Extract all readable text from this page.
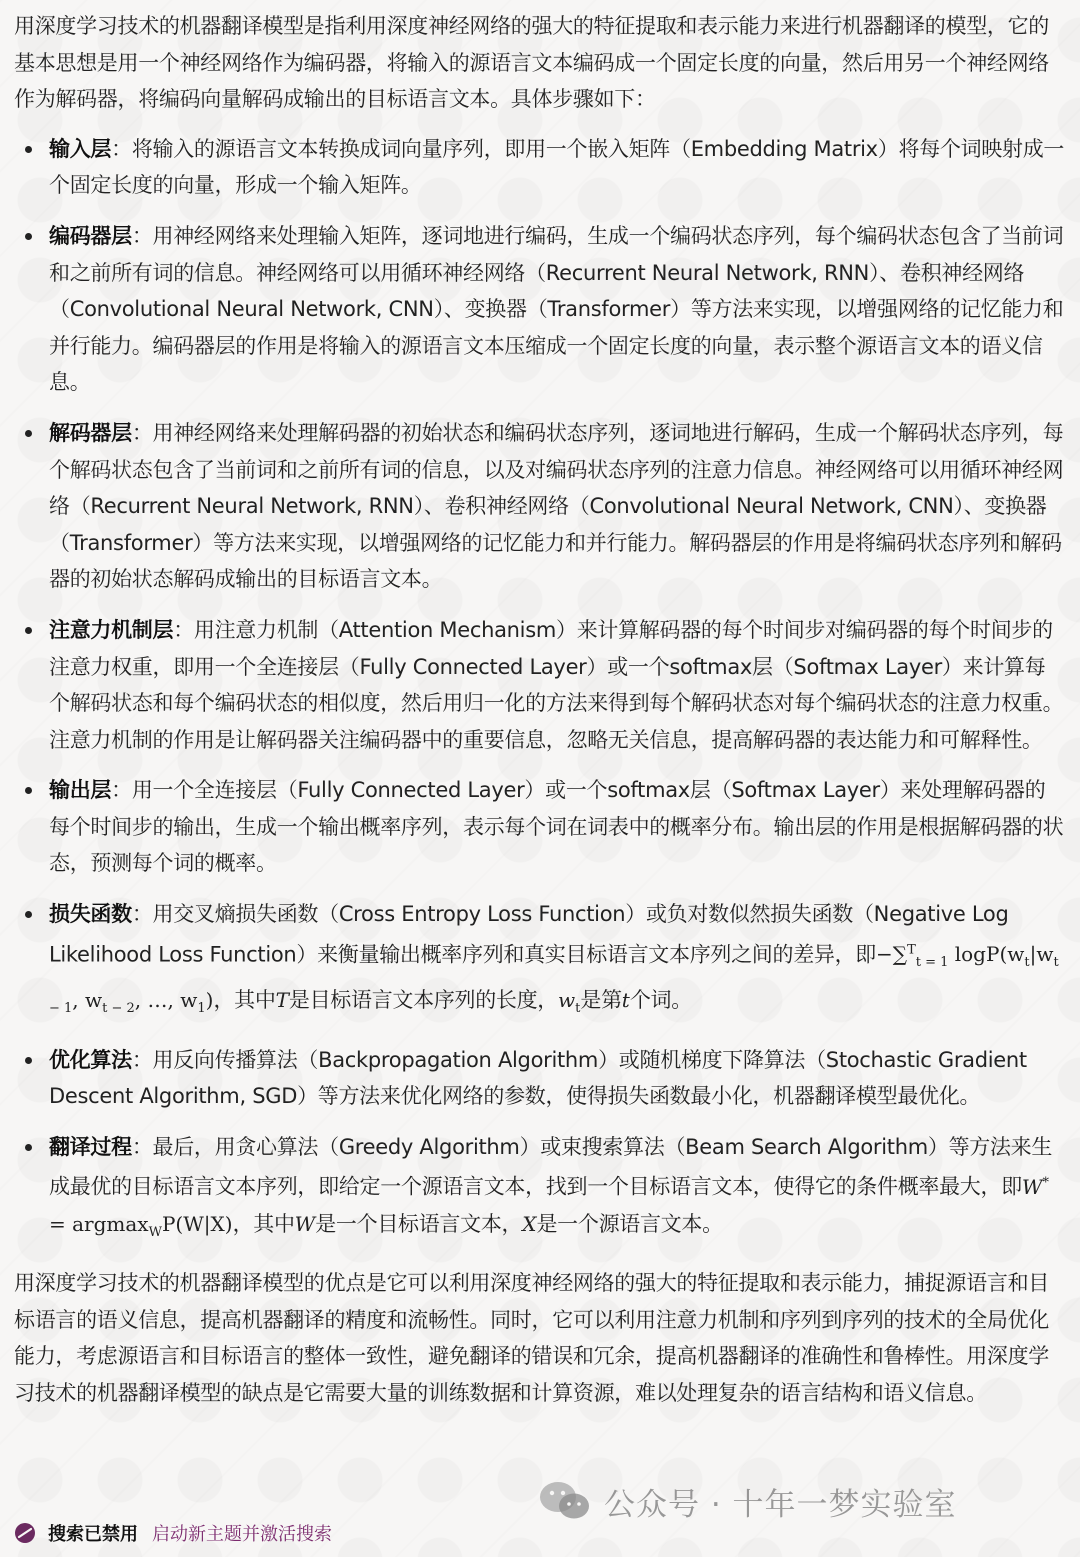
用深度学习技术的机器翻译模型是指利用深度神经网络的强大的特征提取和表示能力来进行机器翻译的模型，它的基本思想是用一个神经网络作为编码器，将输入的源语言文本编码成一个固定长度的向量，然后用另一个神经网络作为解码器，将编码向量解码成输出的目标语言文本。具体步骤如下：

输入层：将输入的源语言文本转换成词向量序列，即用一个嵌入矩阵（Embedding Matrix）将每个词映射成一个固定长度的向量，形成一个输入矩阵。
编码器层：用神经网络来处理输入矩阵，逐词地进行编码，生成一个编码状态序列，每个编码状态包含了当前词和之前所有词的信息。神经网络可以用循环神经网络（Recurrent Neural Network, RNN）、卷积神经网络（Convolutional Neural Network, CNN）、变换器（Transformer）等方法来实现，以增强网络的记忆能力和并行能力。编码器层的作用是将输入的源语言文本压缩成一个固定长度的向量，表示整个源语言文本的语义信息。
解码器层：用神经网络来处理解码器的初始状态和编码状态序列，逐词地进行解码，生成一个解码状态序列，每个解码状态包含了当前词和之前所有词的信息，以及对编码状态序列的注意力信息。神经网络可以用循环神经网络（Recurrent Neural Network, RNN）、卷积神经网络（Convolutional Neural Network, CNN）、变换器（Transformer）等方法来实现，以增强网络的记忆能力和并行能力。解码器层的作用是将编码状态序列和解码器的初始状态解码成输出的目标语言文本。
注意力机制层：用注意力机制（Attention Mechanism）来计算解码器的每个时间步对编码器的每个时间步的注意力权重，即用一个全连接层（Fully Connected Layer）或一个softmax层（Softmax Layer）来计算每个解码状态和每个编码状态的相似度，然后用归一化的方法来得到每个解码状态对每个编码状态的注意力权重。注意力机制的作用是让解码器关注编码器中的重要信息，忽略无关信息，提高解码器的表达能力和可解释性。
输出层：用一个全连接层（Fully Connected Layer）或一个softmax层（Softmax Layer）来处理解码器的每个时间步的输出，生成一个输出概率序列，表示每个词在词表中的概率分布。输出层的作用是根据解码器的状态，预测每个词的概率。
损失函数：用交叉熵损失函数（Cross Entropy Loss Function）或负对数似然损失函数（Negative Log Likelihood Loss Function）来衡量输出概率序列和真实目标语言文本序列之间的差异，即−∑$^T_{t = 1}$ $\log P(w_t|w_{t - 1}$, $w_{t - 2}$, …, $w_1$)，其中T是目标语言文本序列的长度，$w_t$是第t个词。
优化算法：用反向传播算法（Backpropagation Algorithm）或随机梯度下降算法（Stochastic Gradient Descent Algorithm, SGD）等方法来优化网络的参数，使得损失函数最小化，机器翻译模型最优化。
翻译过程：最后，用贪心算法（Greedy Algorithm）或束搜索算法（Beam Search Algorithm）等方法来生成最优的目标语言文本序列，即给定一个源语言文本，找到一个目标语言文本，使得它的条件概率最大，即W* = argmax$_W$P(W|X)，其中W是一个目标语言文本，X是一个源语言文本。

用深度学习技术的机器翻译模型的优点是它可以利用深度神经网络的强大的特征提取和表示能力，捕捉源语言和目标语言的语义信息，提高机器翻译的精度和流畅性。同时，它可以利用注意力机制和序列到序列的技术的全局优化能力，考虑源语言和目标语言的整体一致性，避免翻译的错误和冗余，提高机器翻译的准确性和鲁棒性。用深度学习技术的机器翻译模型的缺点是它需要大量的训练数据和计算资源，难以处理复杂的语言结构和语义信息。

公众号 · 十年一梦实验室
搜索已禁用 启动新主题并激活搜索
